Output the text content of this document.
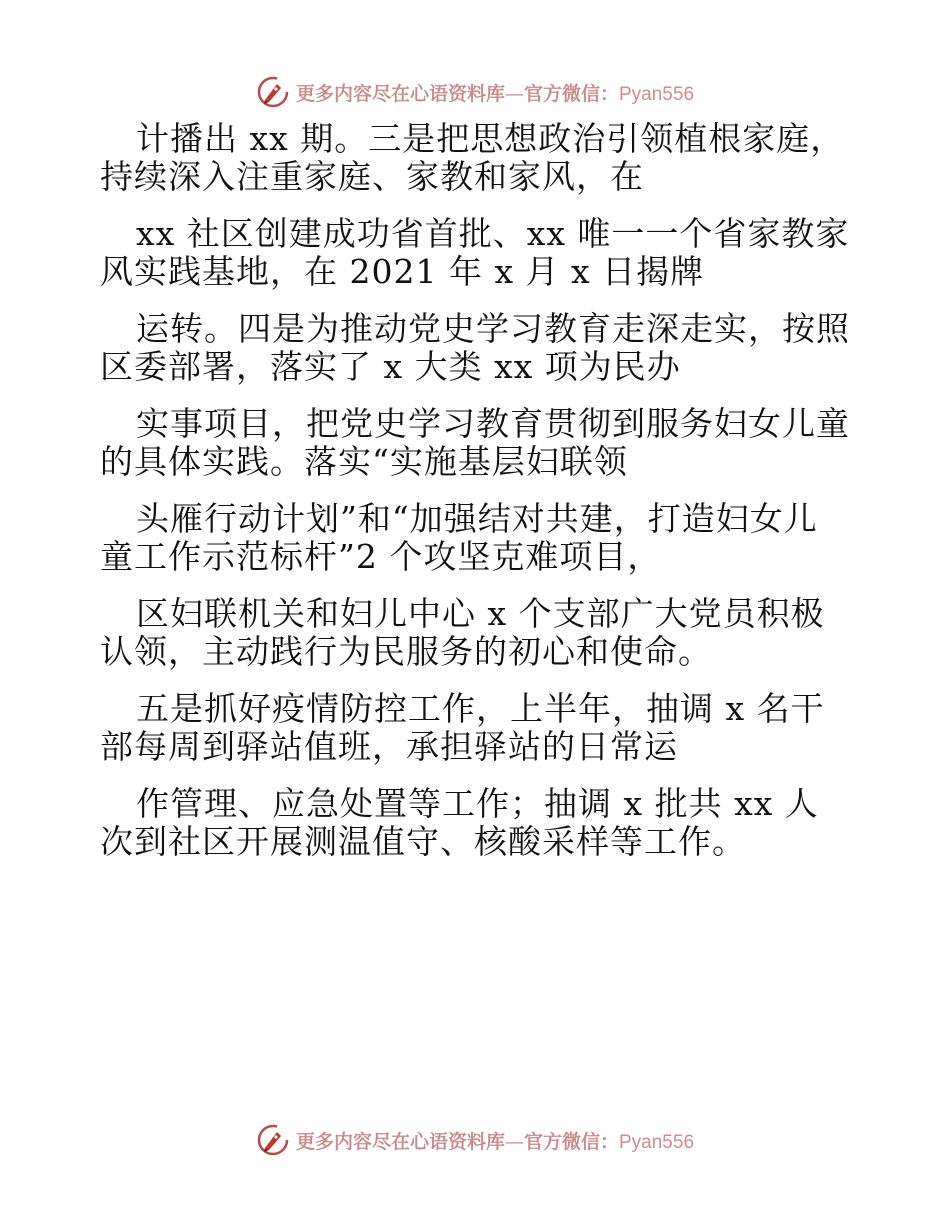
更多内容尽在心语资料库—官方微信：Pyan556
计播出 xx 期。三是把思想政治引领植根家庭，
持续深入注重家庭、家教和家风，在
xx 社区创建成功省首批、xx 唯一一个省家教家
风实践基地，在 2021 年 x 月 x 日揭牌
运转。四是为推动党史学习教育走深走实，按照
区委部署，落实了 x 大类 xx 项为民办
实事项目，把党史学习教育贯彻到服务妇女儿童
的具体实践。落实“实施基层妇联领
头雁行动计划”和“加强结对共建，打造妇女儿
童工作示范标杆”2 个攻坚克难项目，
区妇联机关和妇儿中心 x 个支部广大党员积极
认领，主动践行为民服务的初心和使命。
五是抓好疫情防控工作，上半年，抽调 x 名干
部每周到驿站值班，承担驿站的日常运
作管理、应急处置等工作；抽调 x 批共 xx 人
次到社区开展测温值守、核酸采样等工作。
更多内容尽在心语资料库—官方微信：Pyan556
